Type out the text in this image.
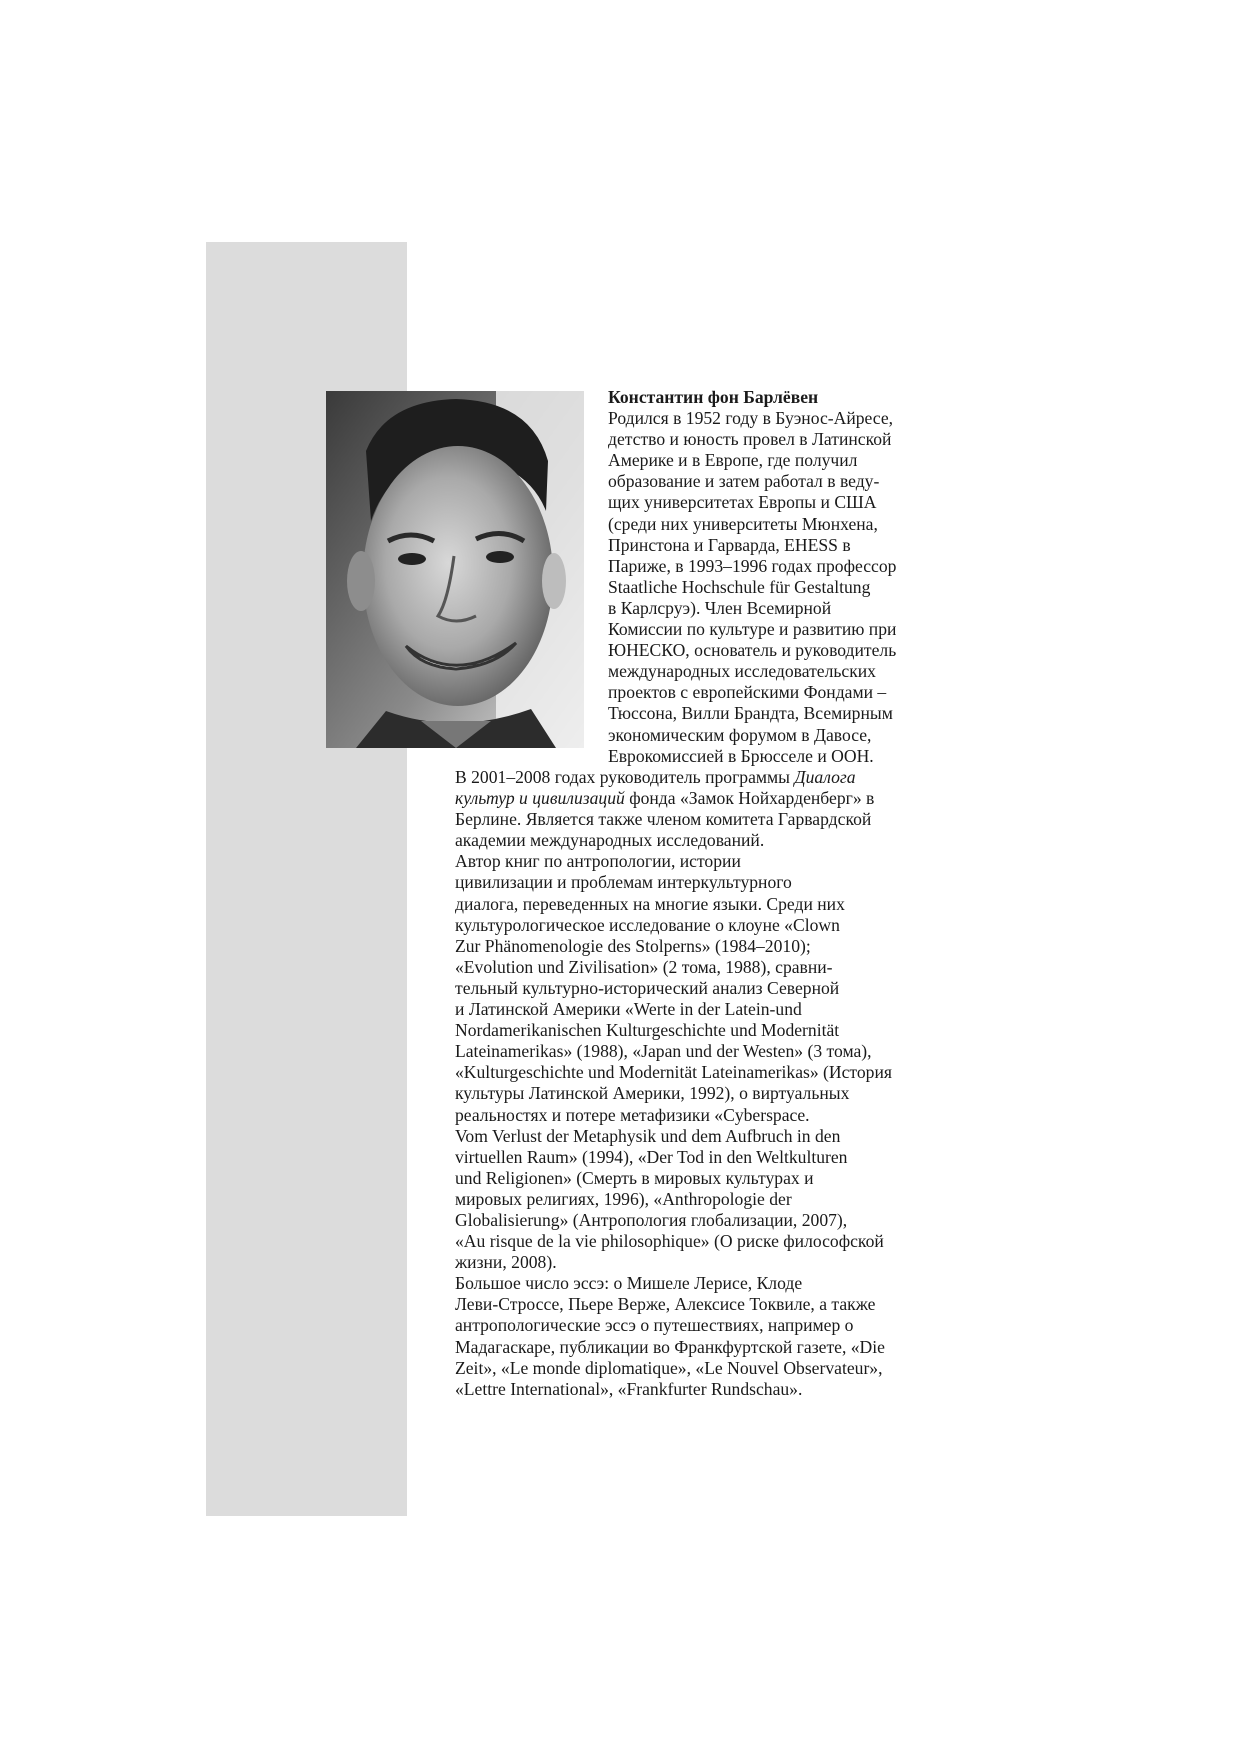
Константин фон Барлёвен
Родился в 1952 году в Буэнос-Айресе,
детство и юность провел в Латинской
Америке и в Европе, где получил
образование и затем работал в веду-
щих университетах Европы и США
(среди них университеты Мюнхена,
Принстона и Гарварда, EHESS в
Париже, в 1993–1996 годах профессор
Staatliche Hochschule für Gestaltung
в Карлсруэ). Член Всемирной
Комиссии по культуре и развитию при
ЮНЕСКО, основатель и руководитель
международных исследовательских
проектов с европейскими Фондами –
Тюссона, Вилли Брандта, Всемирным
экономическим форумом в Давосе,
Еврокомиссией в Брюсселе и ООН.
В 2001–2008 годах руководитель программы Диалога
культур и цивилизаций фонда «Замок Нойхарденберг» в
Берлине. Является также членом комитета Гарвардской
академии международных исследований.
Автор книг по антропологии, истории
цивилизации и проблемам интеркультурного
диалога, переведенных на многие языки. Среди них
культурологическое исследование о клоуне «Clown
Zur Phänomenologie des Stolperns» (1984–2010);
«Evolution und Zivilisation» (2 тома, 1988), сравни-
тельный культурно-исторический анализ Северной
и Латинской Америки «Werte in der Latein-und
Nordamerikanischen Kulturgeschichte und Modernität
Lateinamerikas» (1988), «Japan und der Westen» (3 тома),
«Kulturgeschichte und Modernität Lateinamerikas» (История
культуры Латинской Америки, 1992), о виртуальных
реальностях и потере метафизики «Cyberspace.
Vom Verlust der Metaphysik und dem Aufbruch in den
virtuellen Raum» (1994), «Der Tod in den Weltkulturen
und Religionen» (Смерть в мировых культурах и
мировых религиях, 1996), «Anthropologie der
Globalisierung» (Антропология глобализации, 2007),
«Au risque de la vie philosophique» (О риске философской
жизни, 2008).
Большое число эссэ: о Мишеле Лерисе, Клоде
Леви-Строссе, Пьере Верже, Алексисе Токвиле, а также
антропологические эссэ о путешествиях, например о
Мадагаскаре, публикации во Франкфуртской газете, «Die
Zeit», «Le monde diplomatique», «Le Nouvel Observateur»,
«Lettre International», «Frankfurter Rundschau».
